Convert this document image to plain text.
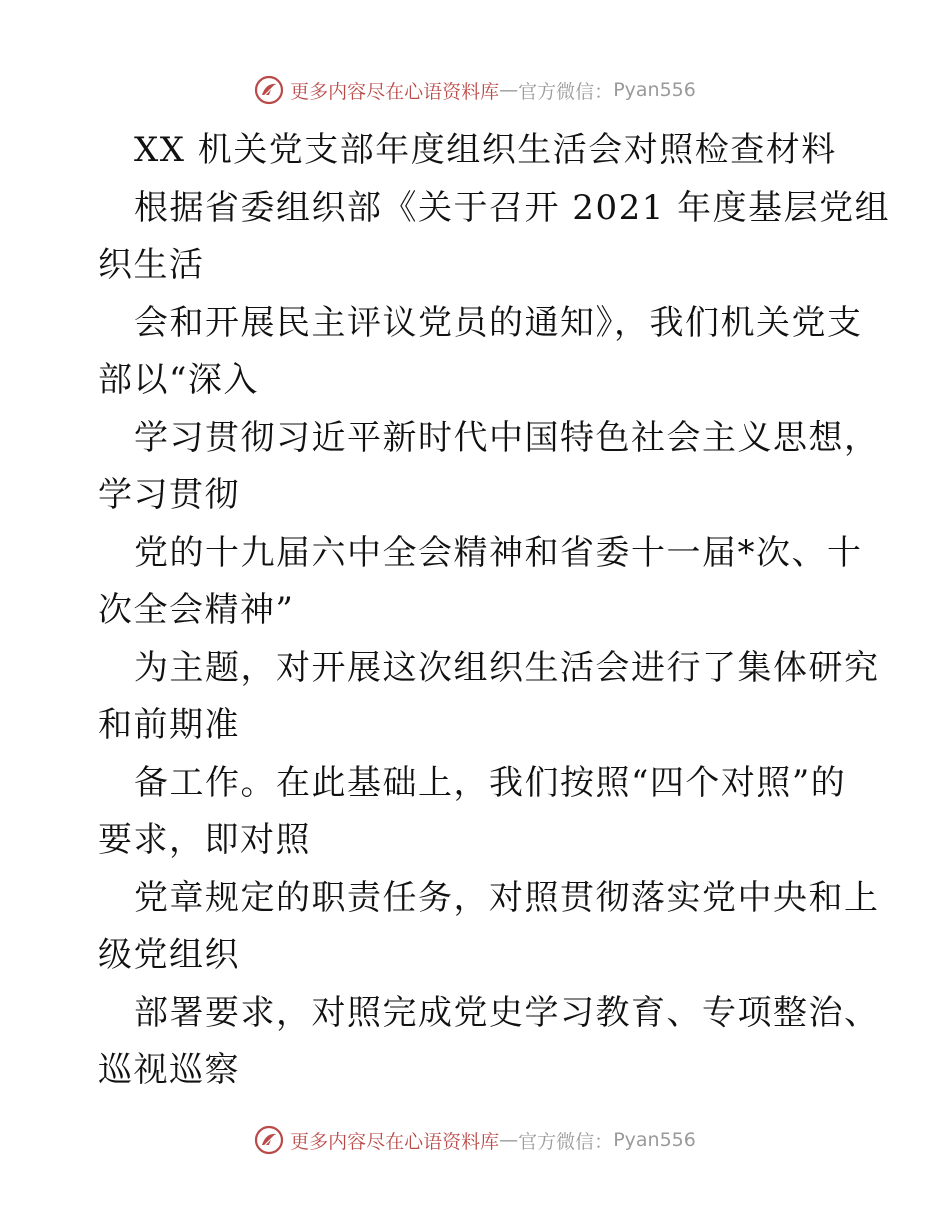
更多内容尽在心语资料库 — 官方微信： Pyan556
XX 机关党支部年度组织生活会对照检查材料
根据省委组织部《关于召开 2021 年度基层党组
织生活
会和开展民主评议党员的通知》，我们机关党支
部以“深入
学习贯彻习近平新时代中国特色社会主义思想，
学习贯彻
党的十九届六中全会精神和省委十一届*次、十
次全会精神”
为主题，对开展这次组织生活会进行了集体研究
和前期准
备工作。在此基础上，我们按照“四个对照”的
要求，即对照
党章规定的职责任务，对照贯彻落实党中央和上
级党组织
部署要求，对照完成党史学习教育、专项整治、
巡视巡察
更多内容尽在心语资料库 — 官方微信： Pyan556
